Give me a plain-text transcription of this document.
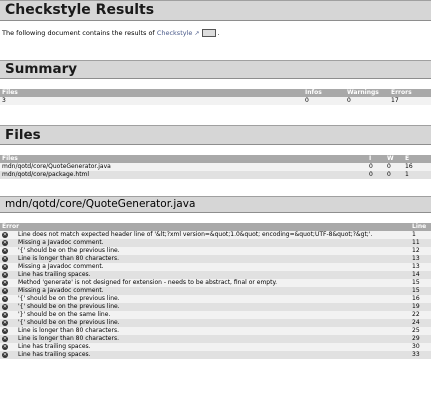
Checkstyle Results
The following document contains the results of Checkstyle ↗	.
Summary
Files	Infos	Warnings	Errors
3	0	0	17
Files
Files	I	W	E
mdn/qotd/core/QuoteGenerator.java	0	0	16
mdn/qotd/core/package.html	0	0	1
mdn/qotd/core/QuoteGenerator.java
Error		Line
✕	Line does not match expected header line of '&lt;?xml version=&quot;1.0&quot; encoding=&quot;UTF-8&quot;?&gt;'.	1
✕	Missing a Javadoc comment.	11
✕	'{' should be on the previous line.	12
✕	Line is longer than 80 characters.	13
✕	Missing a Javadoc comment.	13
✕	Line has trailing spaces.	14
✕	Method 'generate' is not designed for extension - needs to be abstract, final or empty.	15
✕	Missing a Javadoc comment.	15
✕	'{' should be on the previous line.	16
✕	'{' should be on the previous line.	19
✕	'}' should be on the same line.	22
✕	'{' should be on the previous line.	24
✕	Line is longer than 80 characters.	25
✕	Line is longer than 80 characters.	29
✕	Line has trailing spaces.	30
✕	Line has trailing spaces.	33
